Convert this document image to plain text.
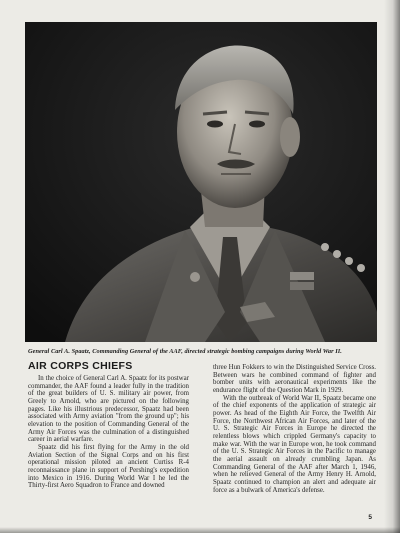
General Carl A. Spaatz, Commanding General of the AAF, directed strategic bombing campaigns during World War II.
AIR CORPS CHIEFS

In the choice of General Carl A. Spaatz for its postwar commander, the AAF found a leader fully in the tradition of the great builders of U. S. military air power, from Greely to Arnold, who are pictured on the following pages. Like his illustrious predecessor, Spaatz had been associated with Army aviation "from the ground up"; his elevation to the position of Commanding General of the Army Air Forces was the culmination of a distinguished career in aerial warfare.

Spaatz did his first flying for the Army in the old Aviation Section of the Signal Corps and on his first operational mission piloted an ancient Curtiss R-4 reconnaissance plane in support of Pershing's expedition into Mexico in 1916. During World War I he led the Thirty-first Aero Squadron to France and downed

three Hun Fokkers to win the Distinguished Service Cross. Between wars he combined command of fighter and bomber units with aeronautical experiments like the endurance flight of the Question Mark in 1929.

With the outbreak of World War II, Spaatz became one of the chief exponents of the application of strategic air power. As head of the Eighth Air Force, the Twelfth Air Force, the Northwest African Air Forces, and later of the U. S. Strategic Air Forces in Europe he directed the relentless blows which crippled Germany's capacity to make war. With the war in Europe won, he took command of the U. S. Strategic Air Forces in the Pacific to manage the aerial assault on already crumbling Japan. As Commanding General of the AAF after March 1, 1946, when he relieved General of the Army Henry H. Arnold, Spaatz continued to champion an alert and adequate air force as a bulwark of America's defense.

5
